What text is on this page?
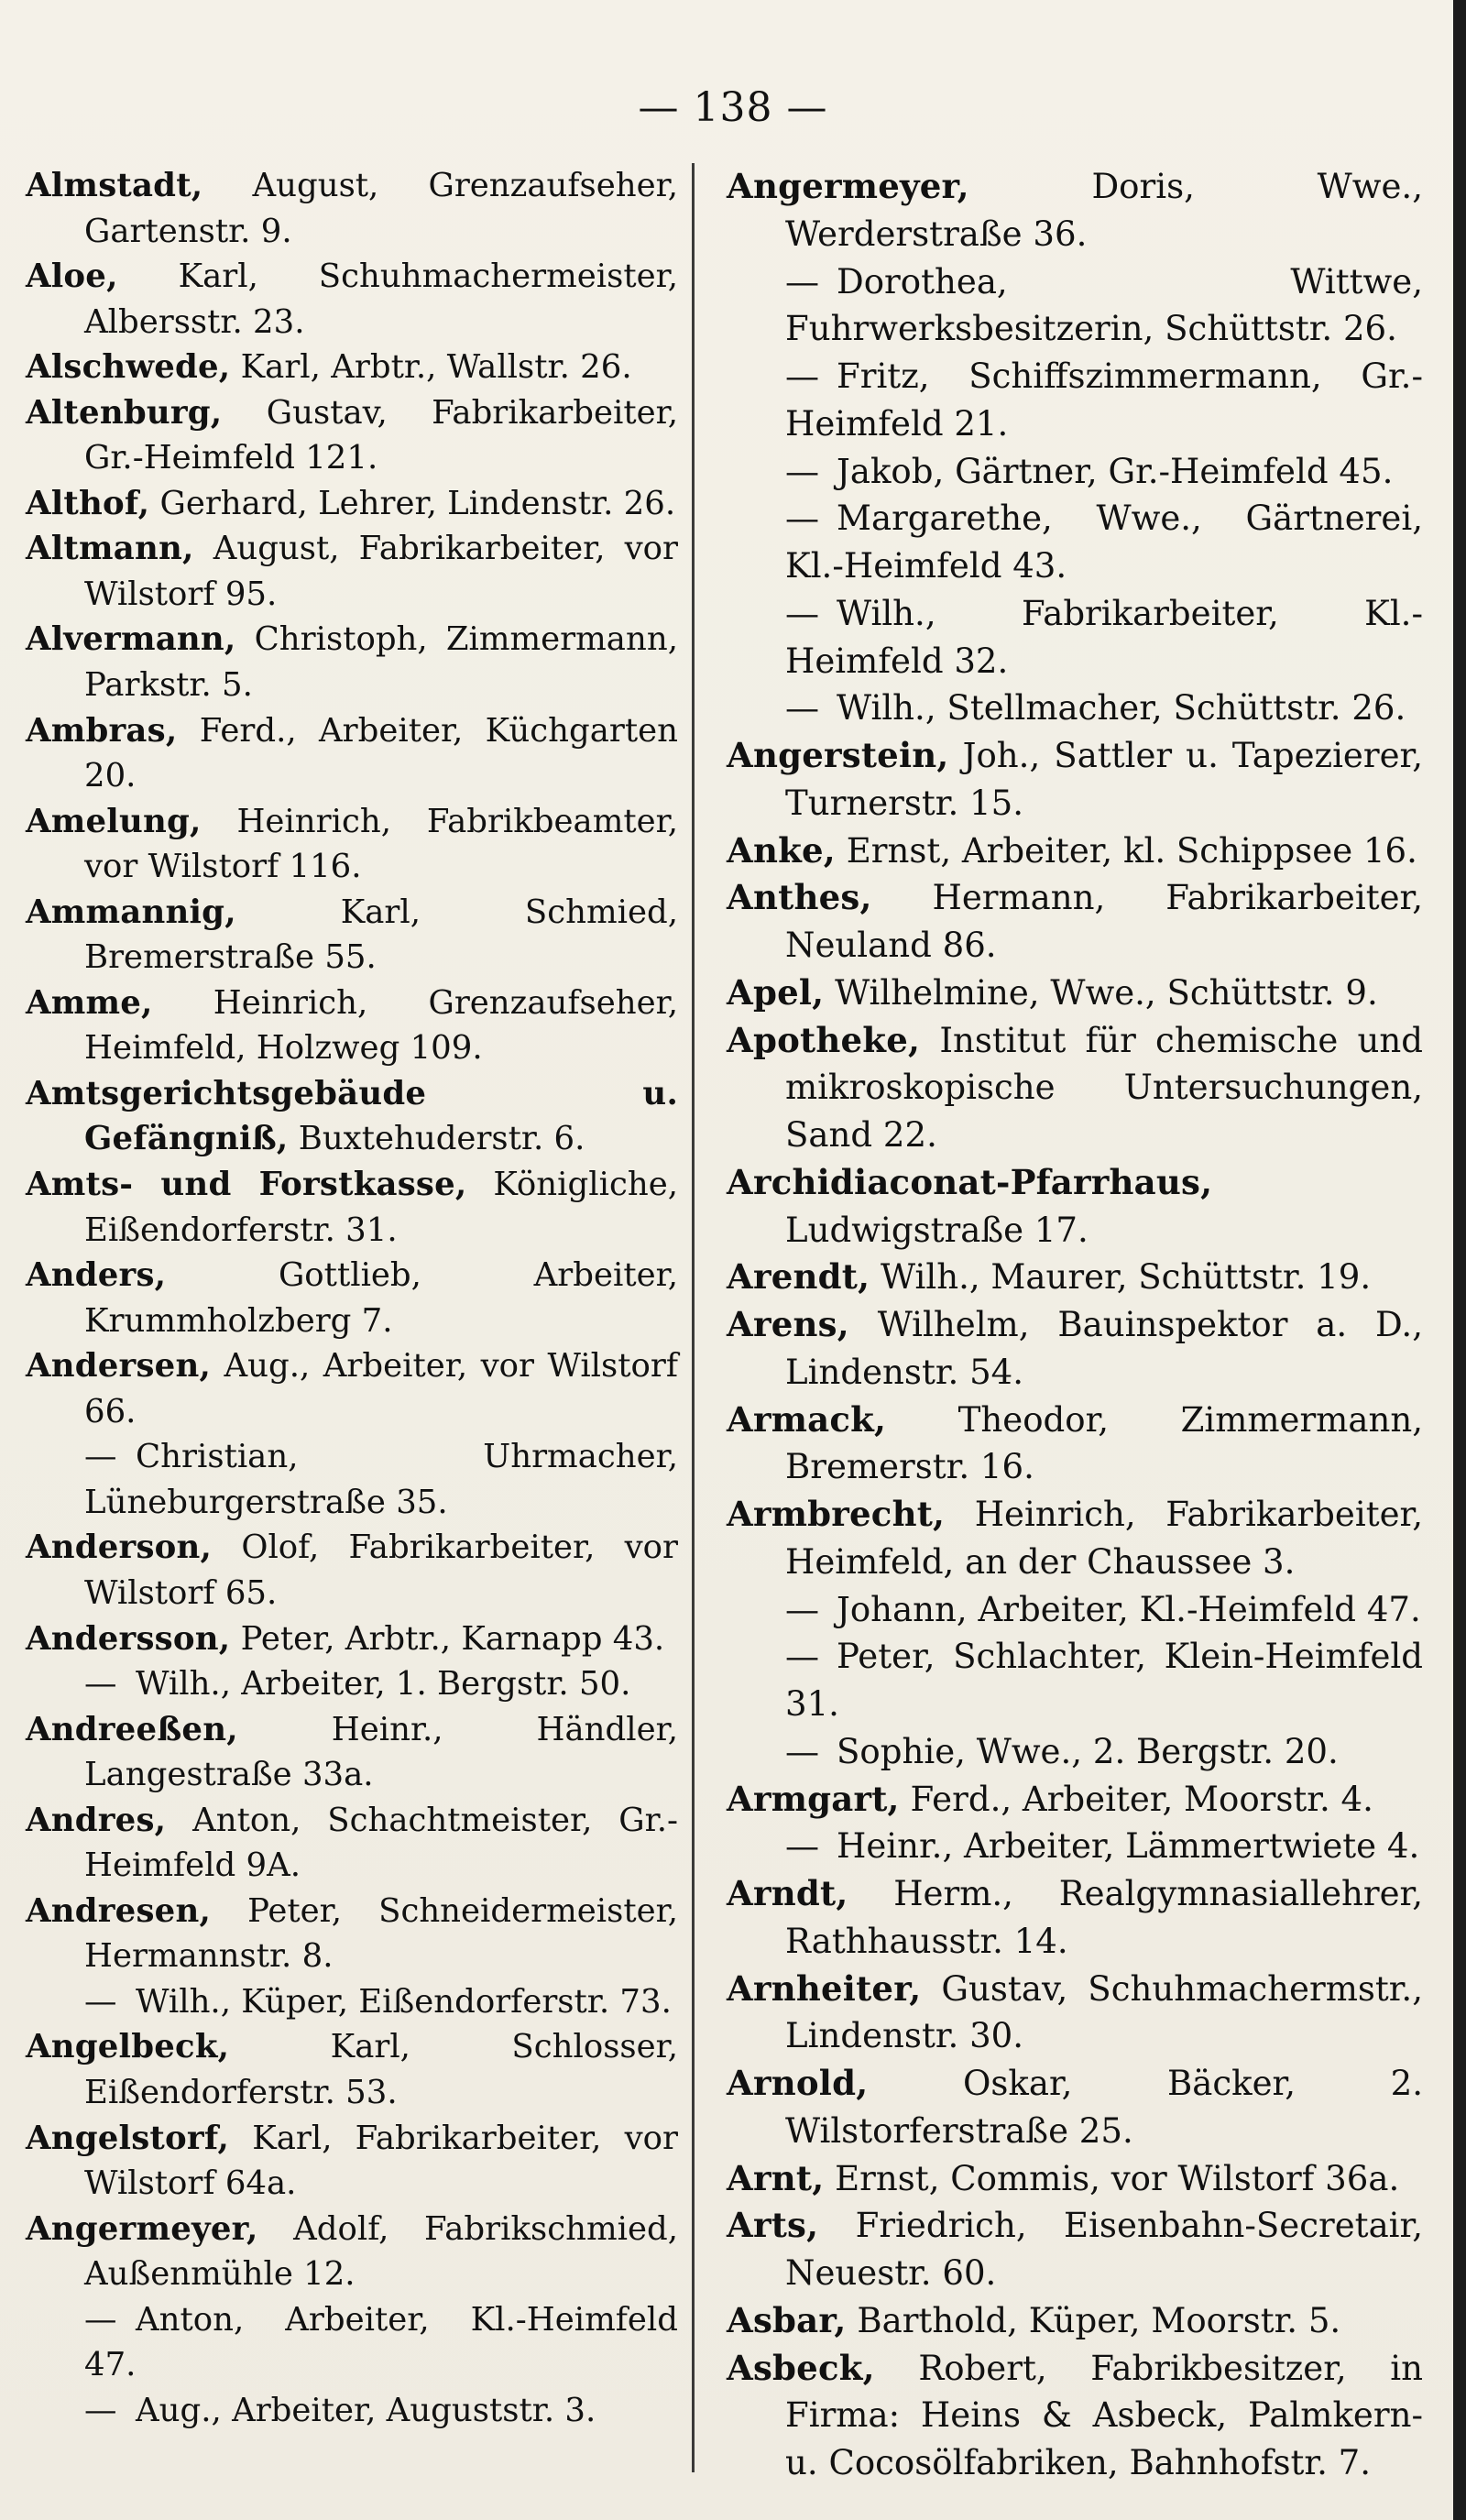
— 138 —

Almstadt, August, Grenzaufseher, Gartenstr. 9.

Aloe, Karl, Schuhmachermeister, Albersstr. 23.

Alschwede, Karl, Arbtr., Wallstr. 26.

Altenburg, Gustav, Fabrikarbeiter, Gr.-Heimfeld 121.

Althof, Gerhard, Lehrer, Lindenstr. 26.

Altmann, August, Fabrikarbeiter, vor Wilstorf 95.

Alvermann, Christoph, Zimmermann, Parkstr. 5.

Ambras, Ferd., Arbeiter, Küchgarten 20.

Amelung, Heinrich, Fabrikbeamter, vor Wilstorf 116.

Ammannig,	Karl, Schmied, Bremerstraße 55.

Amme, Heinrich, Grenzaufseher, Heimfeld, Holzweg 109.

Amtsgerichtsgebäude u. Gefängniß, Buxtehuderstr. 6.

Amts- und Forstkasse, Königliche, Eißendorferstr. 31.

Anders,	Gottlieb, Arbeiter, Krummholzberg 7.

Andersen, Aug., Arbeiter, vor Wilstorf 66.

—Christian, Uhrmacher, Lüneburgerstraße 35.

Anderson, Olof, Fabrikarbeiter, vor Wilstorf 65.

Andersson, Peter, Arbtr., Karnapp 43.

—Wilh., Arbeiter, 1. Bergstr. 50.

Andreeßen,	Heinr., Händler, Langestraße 33a.

Andres, Anton, Schachtmeister, Gr.-Heimfeld 9A.

Andresen, Peter, Schneidermeister, Hermannstr. 8.

—Wilh., Küper, Eißendorferstr. 73.

Angelbeck,	Karl, Schlosser, Eißendorferstr. 53.

Angelstorf, Karl, Fabrikarbeiter, vor Wilstorf 64a.

Angermeyer, Adolf, Fabrikschmied, Außenmühle 12.

—Anton, Arbeiter, Kl.-Heimfeld 47.

—Aug., Arbeiter, Auguststr. 3.

Angermeyer,	Doris, Wwe., Werderstraße 36.

—Dorothea, Wittwe, Fuhrwerksbesitzerin, Schüttstr. 26.

—Fritz, Schiffszimmermann, Gr.-Heimfeld 21.

—Jakob, Gärtner, Gr.-Heimfeld 45.

—Margarethe, Wwe., Gärtnerei, Kl.-Heimfeld 43.

—Wilh., Fabrikarbeiter, Kl.-Heimfeld 32.

—Wilh., Stellmacher, Schüttstr. 26.

Angerstein, Joh., Sattler u. Tapezierer, Turnerstr. 15.

Anke, Ernst, Arbeiter, kl. Schippsee 16.

Anthes, Hermann, Fabrikarbeiter, Neuland 86.

Apel, Wilhelmine, Wwe., Schüttstr. 9.

Apotheke, Institut für chemische und mikroskopische Untersuchungen, Sand 22.

Archidiaconat-Pfarrhaus, Ludwigstraße 17.

Arendt, Wilh., Maurer, Schüttstr. 19.

Arens, Wilhelm, Bauinspektor a. D., Lindenstr. 54.

Armack, Theodor, Zimmermann, Bremerstr. 16.

Armbrecht, Heinrich, Fabrikarbeiter, Heimfeld, an der Chaussee 3.

—Johann, Arbeiter, Kl.-Heimfeld 47.

—Peter, Schlachter, Klein-Heimfeld 31.

—Sophie, Wwe., 2. Bergstr. 20.

Armgart, Ferd., Arbeiter, Moorstr. 4.

—Heinr., Arbeiter, Lämmertwiete 4.

Arndt, Herm., Realgymnasiallehrer, Rathhausstr. 14.

Arnheiter, Gustav, Schuhmachermstr., Lindenstr. 30.

Arnold,	Oskar, Bäcker, 2. Wilstorferstraße 25.

Arnt, Ernst, Commis, vor Wilstorf 36a.

Arts, Friedrich, Eisenbahn-Secretair, Neuestr. 60.

Asbar, Barthold, Küper, Moorstr. 5.

Asbeck, Robert, Fabrikbesitzer, in Firma: Heins & Asbeck, Palmkern- u. Cocosölfabriken, Bahnhofstr. 7.
